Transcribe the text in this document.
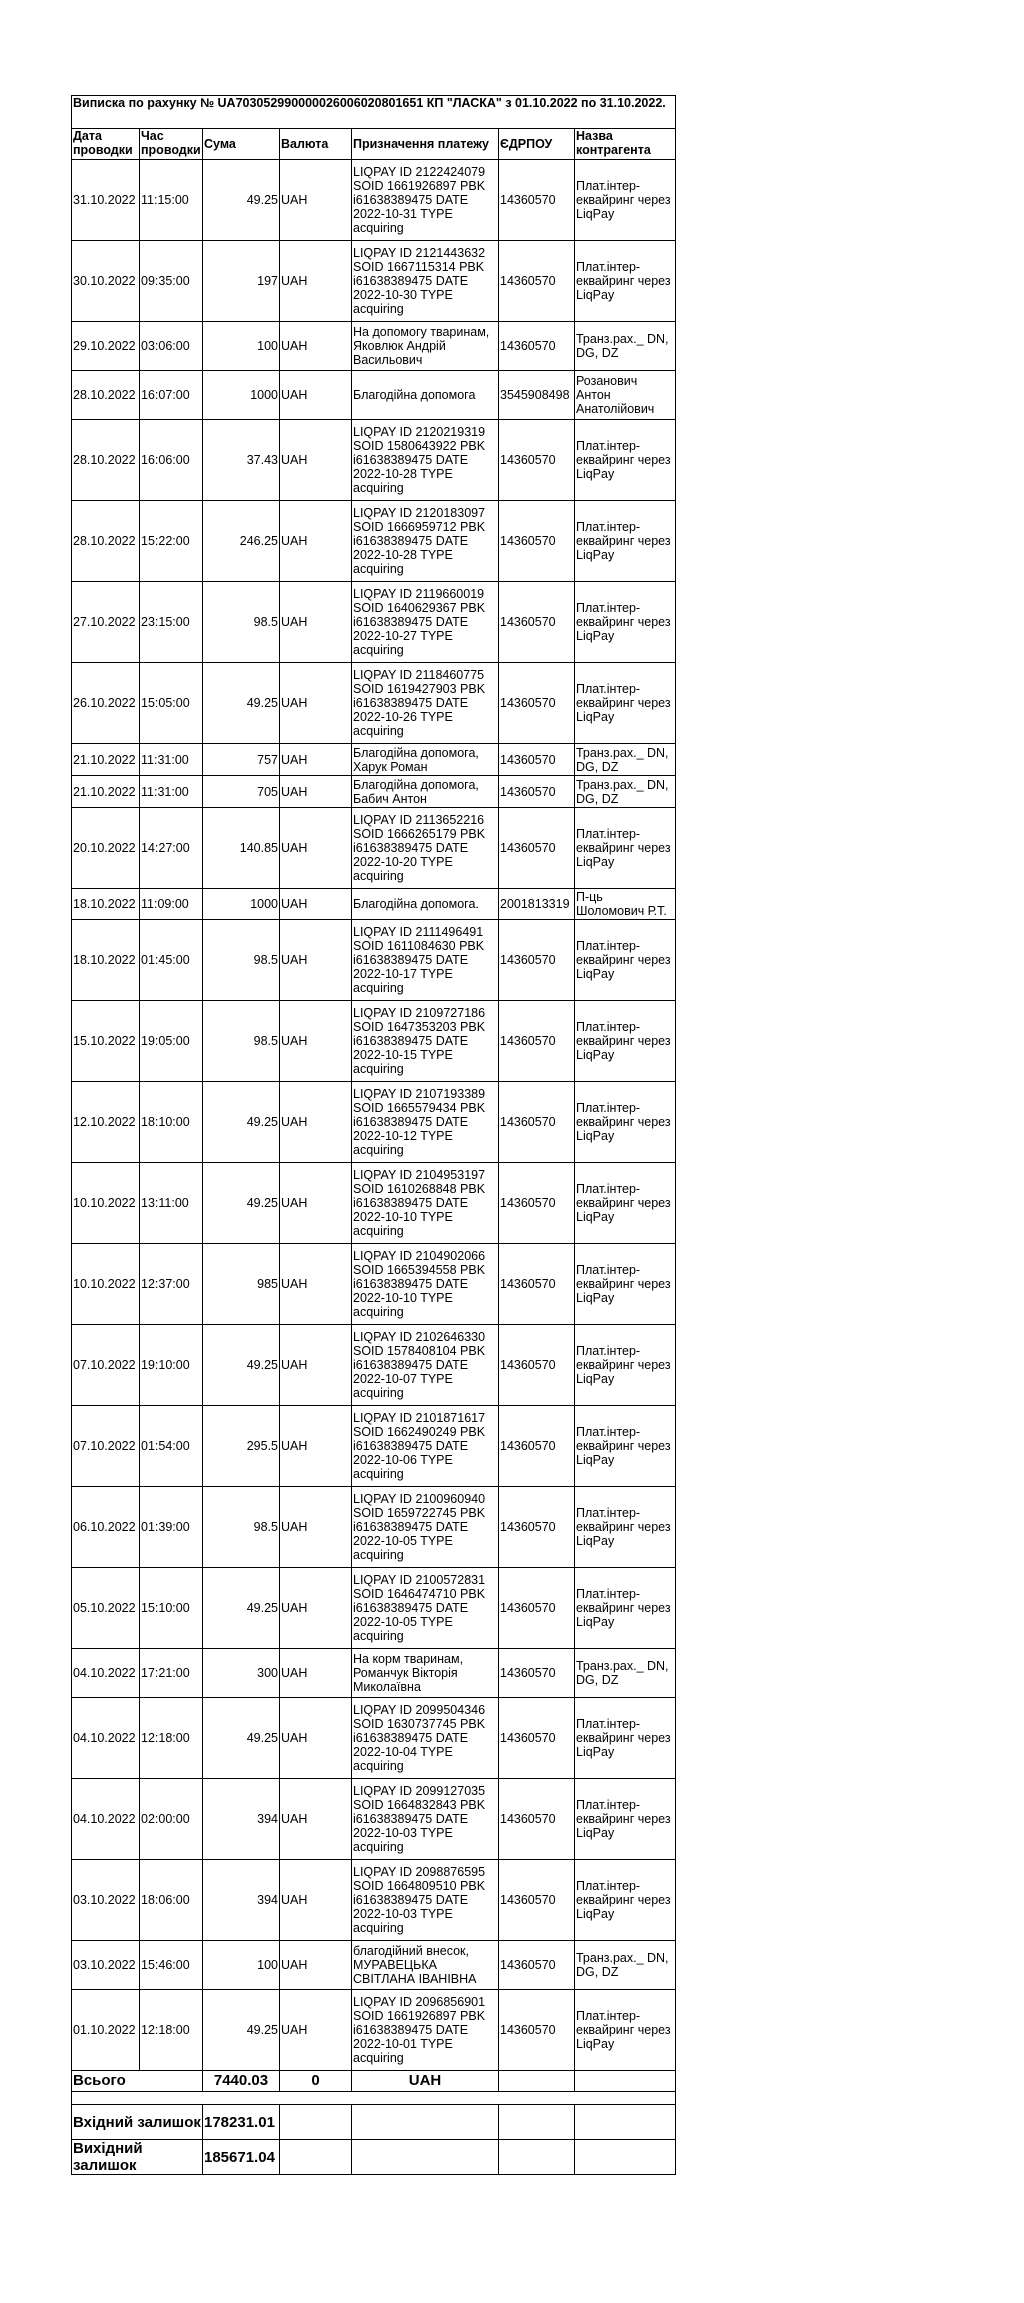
Виписка по рахунку № UA703052990000026006020801651 КП "ЛАСКА" з 01.10.2022 по 31.10.2022.						
Дата проводки	Час проводки	Сума	Валюта	Призначення платежу	ЄДРПОУ	Назва контрагента
31.10.2022	11:15:00	49.25	UAH	LIQPAY ID 2122424079 SOID 1661926897 PBK i61638389475 DATE 2022-10-31 TYPE acquiring	14360570	Плат.інтер-еквайринг через LiqPay
30.10.2022	09:35:00	197	UAH	LIQPAY ID 2121443632 SOID 1667115314 PBK i61638389475 DATE 2022-10-30 TYPE acquiring	14360570	Плат.інтер-еквайринг через LiqPay
29.10.2022	03:06:00	100	UAH	На допомогу тваринам, Яковлюк Андрій Васильович	14360570	Транз.рах._ DN, DG, DZ
28.10.2022	16:07:00	1000	UAH	Благодійна допомога	3545908498	Розанович Антон Анатолійович
28.10.2022	16:06:00	37.43	UAH	LIQPAY ID 2120219319 SOID 1580643922 PBK i61638389475 DATE 2022-10-28 TYPE acquiring	14360570	Плат.інтер-еквайринг через LiqPay
28.10.2022	15:22:00	246.25	UAH	LIQPAY ID 2120183097 SOID 1666959712 PBK i61638389475 DATE 2022-10-28 TYPE acquiring	14360570	Плат.інтер-еквайринг через LiqPay
27.10.2022	23:15:00	98.5	UAH	LIQPAY ID 2119660019 SOID 1640629367 PBK i61638389475 DATE 2022-10-27 TYPE acquiring	14360570	Плат.інтер-еквайринг через LiqPay
26.10.2022	15:05:00	49.25	UAH	LIQPAY ID 2118460775 SOID 1619427903 PBK i61638389475 DATE 2022-10-26 TYPE acquiring	14360570	Плат.інтер-еквайринг через LiqPay
21.10.2022	11:31:00	757	UAH	Благодійна допомога, Харук Роман	14360570	Транз.рах._ DN, DG, DZ
21.10.2022	11:31:00	705	UAH	Благодійна допомога, Бабич Антон	14360570	Транз.рах._ DN, DG, DZ
20.10.2022	14:27:00	140.85	UAH	LIQPAY ID 2113652216 SOID 1666265179 PBK i61638389475 DATE 2022-10-20 TYPE acquiring	14360570	Плат.інтер-еквайринг через LiqPay
18.10.2022	11:09:00	1000	UAH	Благодійна допомога.	2001813319	П-ць Шоломович Р.Т.
18.10.2022	01:45:00	98.5	UAH	LIQPAY ID 2111496491 SOID 1611084630 PBK i61638389475 DATE 2022-10-17 TYPE acquiring	14360570	Плат.інтер-еквайринг через LiqPay
15.10.2022	19:05:00	98.5	UAH	LIQPAY ID 2109727186 SOID 1647353203 PBK i61638389475 DATE 2022-10-15 TYPE acquiring	14360570	Плат.інтер-еквайринг через LiqPay
12.10.2022	18:10:00	49.25	UAH	LIQPAY ID 2107193389 SOID 1665579434 PBK i61638389475 DATE 2022-10-12 TYPE acquiring	14360570	Плат.інтер-еквайринг через LiqPay
10.10.2022	13:11:00	49.25	UAH	LIQPAY ID 2104953197 SOID 1610268848 PBK i61638389475 DATE 2022-10-10 TYPE acquiring	14360570	Плат.інтер-еквайринг через LiqPay
10.10.2022	12:37:00	985	UAH	LIQPAY ID 2104902066 SOID 1665394558 PBK i61638389475 DATE 2022-10-10 TYPE acquiring	14360570	Плат.інтер-еквайринг через LiqPay
07.10.2022	19:10:00	49.25	UAH	LIQPAY ID 2102646330 SOID 1578408104 PBK i61638389475 DATE 2022-10-07 TYPE acquiring	14360570	Плат.інтер-еквайринг через LiqPay
07.10.2022	01:54:00	295.5	UAH	LIQPAY ID 2101871617 SOID 1662490249 PBK i61638389475 DATE 2022-10-06 TYPE acquiring	14360570	Плат.інтер-еквайринг через LiqPay
06.10.2022	01:39:00	98.5	UAH	LIQPAY ID 2100960940 SOID 1659722745 PBK i61638389475 DATE 2022-10-05 TYPE acquiring	14360570	Плат.інтер-еквайринг через LiqPay
05.10.2022	15:10:00	49.25	UAH	LIQPAY ID 2100572831 SOID 1646474710 PBK i61638389475 DATE 2022-10-05 TYPE acquiring	14360570	Плат.інтер-еквайринг через LiqPay
04.10.2022	17:21:00	300	UAH	На корм тваринам, Романчук Вікторія Миколаївна	14360570	Транз.рах._ DN, DG, DZ
04.10.2022	12:18:00	49.25	UAH	LIQPAY ID 2099504346 SOID 1630737745 PBK i61638389475 DATE 2022-10-04 TYPE acquiring	14360570	Плат.інтер-еквайринг через LiqPay
04.10.2022	02:00:00	394	UAH	LIQPAY ID 2099127035 SOID 1664832843 PBK i61638389475 DATE 2022-10-03 TYPE acquiring	14360570	Плат.інтер-еквайринг через LiqPay
03.10.2022	18:06:00	394	UAH	LIQPAY ID 2098876595 SOID 1664809510 PBK i61638389475 DATE 2022-10-03 TYPE acquiring	14360570	Плат.інтер-еквайринг через LiqPay
03.10.2022	15:46:00	100	UAH	благодійний внесок, МУРАВЕЦЬКА СВІТЛАНА ІВАНІВНА	14360570	Транз.рах._ DN, DG, DZ
01.10.2022	12:18:00	49.25	UAH	LIQPAY ID 2096856901 SOID 1661926897 PBK i61638389475 DATE 2022-10-01 TYPE acquiring	14360570	Плат.інтер-еквайринг через LiqPay
Всього		7440.03	0	UAH		

Вхідний залишок		178231.01				
Вихідний залишок		185671.04				
